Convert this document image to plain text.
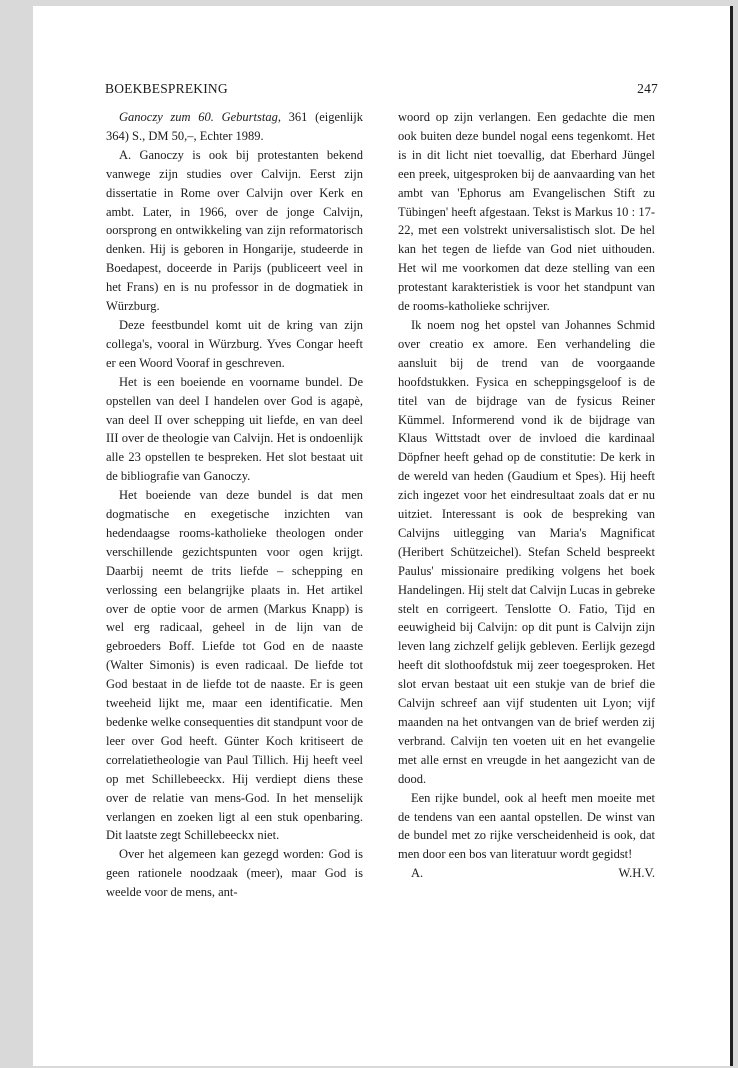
BOEKBESPREKING	247

Ganoczy zum 60. Geburtstag, 361 (eigenlijk 364) S., DM 50,–, Echter 1989.

A. Ganoczy is ook bij protestanten bekend vanwege zijn studies over Calvijn. Eerst zijn dissertatie in Rome over Calvijn over Kerk en ambt. Later, in 1966, over de jonge Calvijn, oorsprong en ontwikkeling van zijn reformatorisch denken. Hij is geboren in Hongarije, studeerde in Boedapest, doceerde in Parijs (publiceert veel in het Frans) en is nu professor in de dogmatiek in Würzburg.

Deze feestbundel komt uit de kring van zijn collega's, vooral in Würzburg. Yves Congar heeft er een Woord Vooraf in geschreven.

Het is een boeiende en voorname bundel. De opstellen van deel I handelen over God is agapè, van deel II over schepping uit liefde, en van deel III over de theologie van Calvijn. Het is ondoenlijk alle 23 opstellen te bespreken. Het slot bestaat uit de bibliografie van Ganoczy.

Het boeiende van deze bundel is dat men dogmatische en exegetische inzichten van hedendaagse rooms-katholieke theologen onder verschillende gezichtspunten voor ogen krijgt. Daarbij neemt de trits liefde – schepping en verlossing een belangrijke plaats in. Het artikel over de optie voor de armen (Markus Knapp) is wel erg radicaal, geheel in de lijn van de gebroeders Boff. Liefde tot God en de naaste (Walter Simonis) is even radicaal. De liefde tot God bestaat in de liefde tot de naaste. Er is geen tweeheid lijkt me, maar een identificatie. Men bedenke welke consequenties dit standpunt voor de leer over God heeft. Günter Koch kritiseert de correlatietheologie van Paul Tillich. Hij heeft veel op met Schillebeeckx. Hij verdiept diens these over de relatie van mens-God. In het menselijk verlangen en zoeken ligt al een stuk openbaring. Dit laatste zegt Schillebeeckx niet.

Over het algemeen kan gezegd worden: God is geen rationele noodzaak (meer), maar God is weelde voor de mens, ant-

woord op zijn verlangen. Een gedachte die men ook buiten deze bundel nogal eens tegenkomt. Het is in dit licht niet toevallig, dat Eberhard Jüngel een preek, uitgesproken bij de aanvaarding van het ambt van 'Ephorus am Evangelischen Stift zu Tübingen' heeft afgestaan. Tekst is Markus 10 : 17-22, met een volstrekt universalistisch slot. De hel kan het tegen de liefde van God niet uithouden. Het wil me voorkomen dat deze stelling van een protestant karakteristiek is voor het standpunt van de rooms-katholieke schrijver.

Ik noem nog het opstel van Johannes Schmid over creatio ex amore. Een verhandeling die aansluit bij de trend van de voorgaande hoofdstukken. Fysica en scheppingsgeloof is de titel van de bijdrage van de fysicus Reiner Kümmel. Informerend vond ik de bijdrage van Klaus Wittstadt over de invloed die kardinaal Döpfner heeft gehad op de constitutie: De kerk in de wereld van heden (Gaudium et Spes). Hij heeft zich ingezet voor het eindresultaat zoals dat er nu uitziet. Interessant is ook de bespreking van Calvijns uitlegging van Maria's Magnificat (Heribert Schützeichel). Stefan Scheld bespreekt Paulus' missionaire prediking volgens het boek Handelingen. Hij stelt dat Calvijn Lucas in gebreke stelt en corrigeert. Tenslotte O. Fatio, Tijd en eeuwigheid bij Calvijn: op dit punt is Calvijn zijn leven lang zichzelf gelijk gebleven. Eerlijk gezegd heeft dit slothoofdstuk mij zeer toegesproken. Het slot ervan bestaat uit een stukje van de brief die Calvijn schreef aan vijf studenten uit Lyon; vijf maanden na het ontvangen van de brief werden zij verbrand. Calvijn ten voeten uit en het evangelie met alle ernst en vreugde in het aangezicht van de dood.

Een rijke bundel, ook al heeft men moeite met de tendens van een aantal opstellen. De winst van de bundel met zo rijke verscheidenheid is ook, dat men door een bos van literatuur wordt gegidst!

A.	W.H.V.
